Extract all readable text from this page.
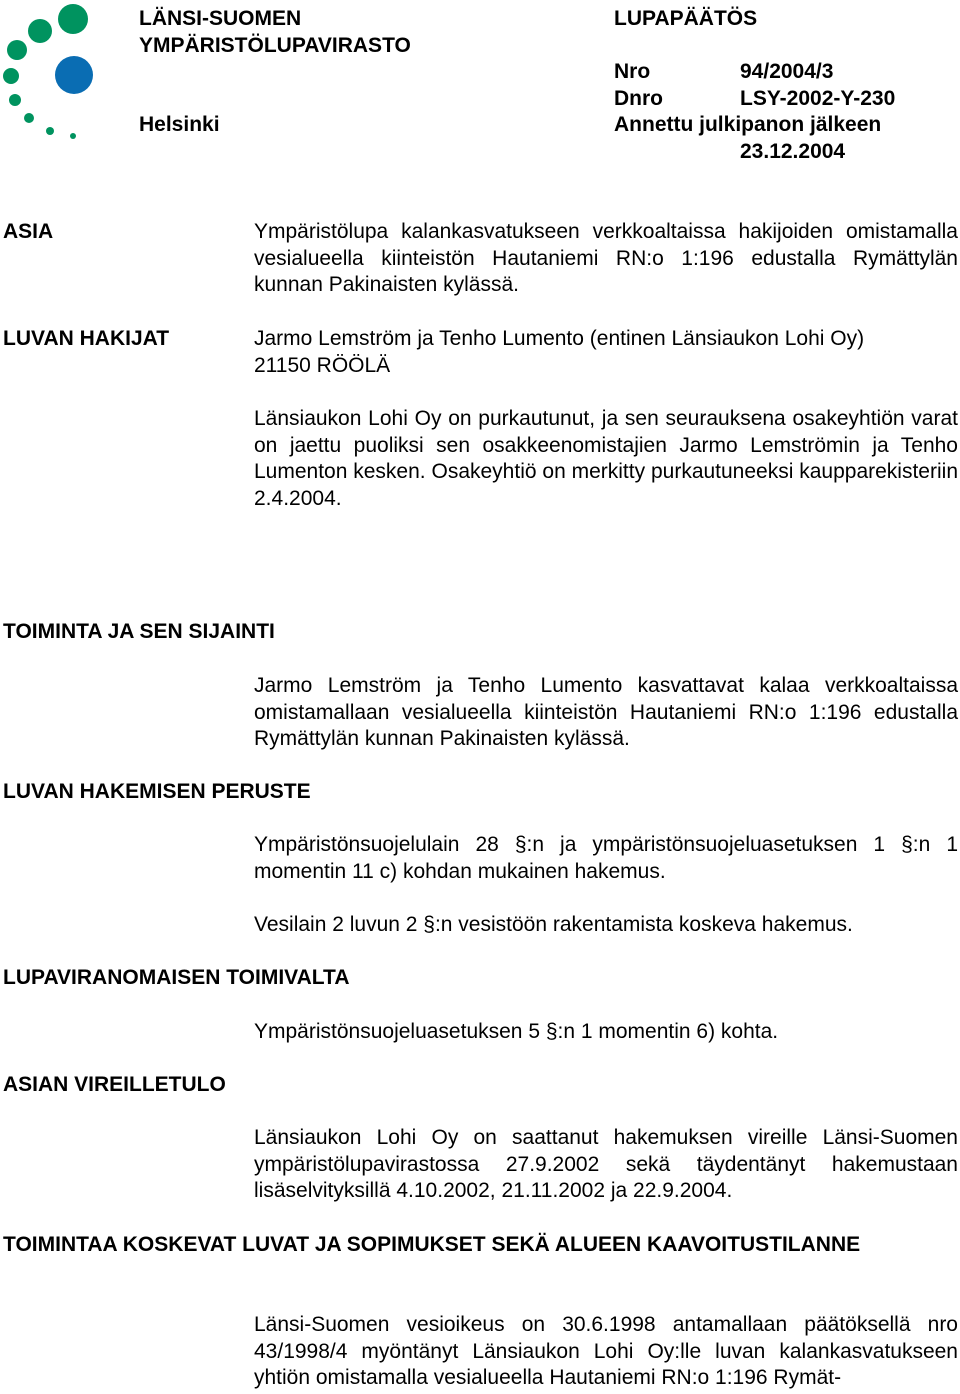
LÄNSI-SUOMEN
YMPÄRISTÖLUPAVIRASTO
Helsinki
LUPAPÄÄTÖS
Nro	94/2004/3
Dnro	LSY-2002-Y-230
Annettu julkipanon jälkeen
23.12.2004
ASIA	Ympäristölupa kalankasvatukseen verkkoaltaissa hakijoiden omistamalla vesialueella kiinteistön Hautaniemi RN:o 1:196 edustalla Rymättylän kunnan Pakinaisten kylässä.
LUVAN HAKIJAT	Jarmo Lemström ja Tenho Lumento (entinen Länsiaukon Lohi Oy)
21150 RÖÖLÄ
Länsiaukon Lohi Oy on purkautunut, ja sen seurauksena osakeyhtiön varat on jaettu puoliksi sen osakkeenomistajien Jarmo Lemströmin ja Tenho Lumenton kesken. Osakeyhtiö on merkitty purkautuneeksi kaupparekisteriin 2.4.2004.
TOIMINTA JA SEN SIJAINTI
Jarmo Lemström ja Tenho Lumento kasvattavat kalaa verkkoaltaissa omistamallaan vesialueella kiinteistön Hautaniemi RN:o 1:196 edustalla Rymättylän kunnan Pakinaisten kylässä.
LUVAN HAKEMISEN PERUSTE
Ympäristönsuojelulain 28 §:n ja ympäristönsuojeluasetuksen 1 §:n 1 momentin 11 c) kohdan mukainen hakemus.
Vesilain 2 luvun 2 §:n vesistöön rakentamista koskeva hakemus.
LUPAVIRANOMAISEN TOIMIVALTA
Ympäristönsuojeluasetuksen 5 §:n 1 momentin 6) kohta.
ASIAN VIREILLETULO
Länsiaukon Lohi Oy on saattanut hakemuksen vireille Länsi-Suomen ympäristölupavirastossa 27.9.2002 sekä täydentänyt hakemustaan lisäselvityksillä 4.10.2002, 21.11.2002 ja 22.9.2004.
TOIMINTAA KOSKEVAT LUVAT JA SOPIMUKSET SEKÄ ALUEEN KAAVOITUSTILANNE
Länsi-Suomen vesioikeus on 30.6.1998 antamallaan päätöksellä nro 43/1998/4 myöntänyt Länsiaukon Lohi Oy:lle luvan kalankasvatukseen yhtiön omistamalla vesialueella Hautaniemi RN:o 1:196 Rymät-
